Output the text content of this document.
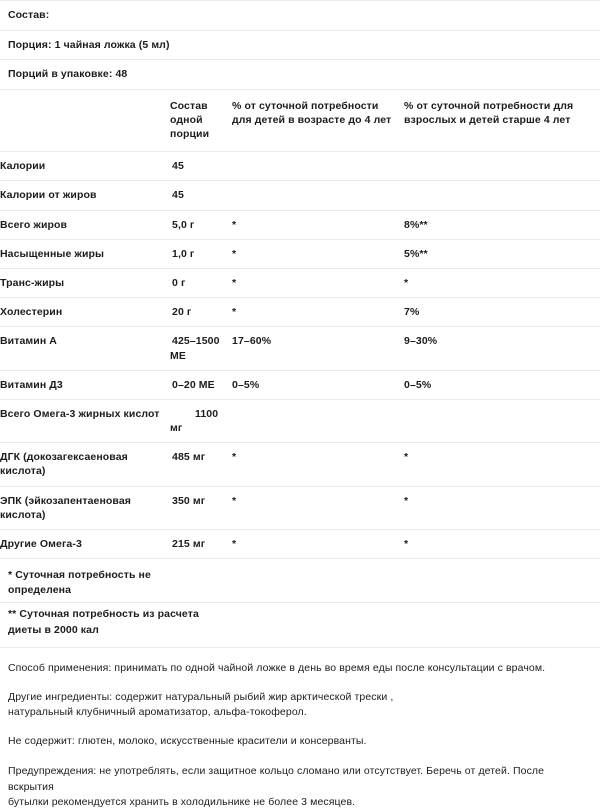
Состав:
Порция: 1 чайная ложка (5 мл)
Порций в упаковке: 48
	Состав одной порции	% от суточной потребности для детей в возрасте до 4 лет	% от суточной потребности для взрослых и детей старше 4 лет
Калории	45		
Калории от жиров	45		
Всего жиров	5,0 г	*	8%**
Насыщенные жиры	1,0 г	*	5%**
Транс-жиры	0 г	*	*
Холестерин	20 г	*	7%
Витамин А	425–1500 МЕ	17–60%	9–30%
Витамин Д3	0–20 МЕ	0–5%	0–5%
Всего Омега-3 жирных кислот	1100 мг		
ДГК (докозагексаеновая кислота)	485 мг	*	*
ЭПК (эйкозапентаеновая кислота)	350 мг	*	*
Другие Омега-3	215 мг	*	*
* Суточная потребность не определена
** Суточная потребность из расчета диеты в 2000 кал
Способ применения: принимать по одной чайной ложке в день во время еды после консультации с врачом.
Другие ингредиенты: содержит натуральный рыбий жир арктической трески ,
натуральный клубничный ароматизатор, альфа-токоферол.
Не содержит: глютен, молоко, искусственные красители и консерванты.
Предупреждения: не употреблять, если защитное кольцо сломано или отсутствует. Беречь от детей. После вскрытия
бутылки рекомендуется хранить в холодильнике не более 3 месяцев.
